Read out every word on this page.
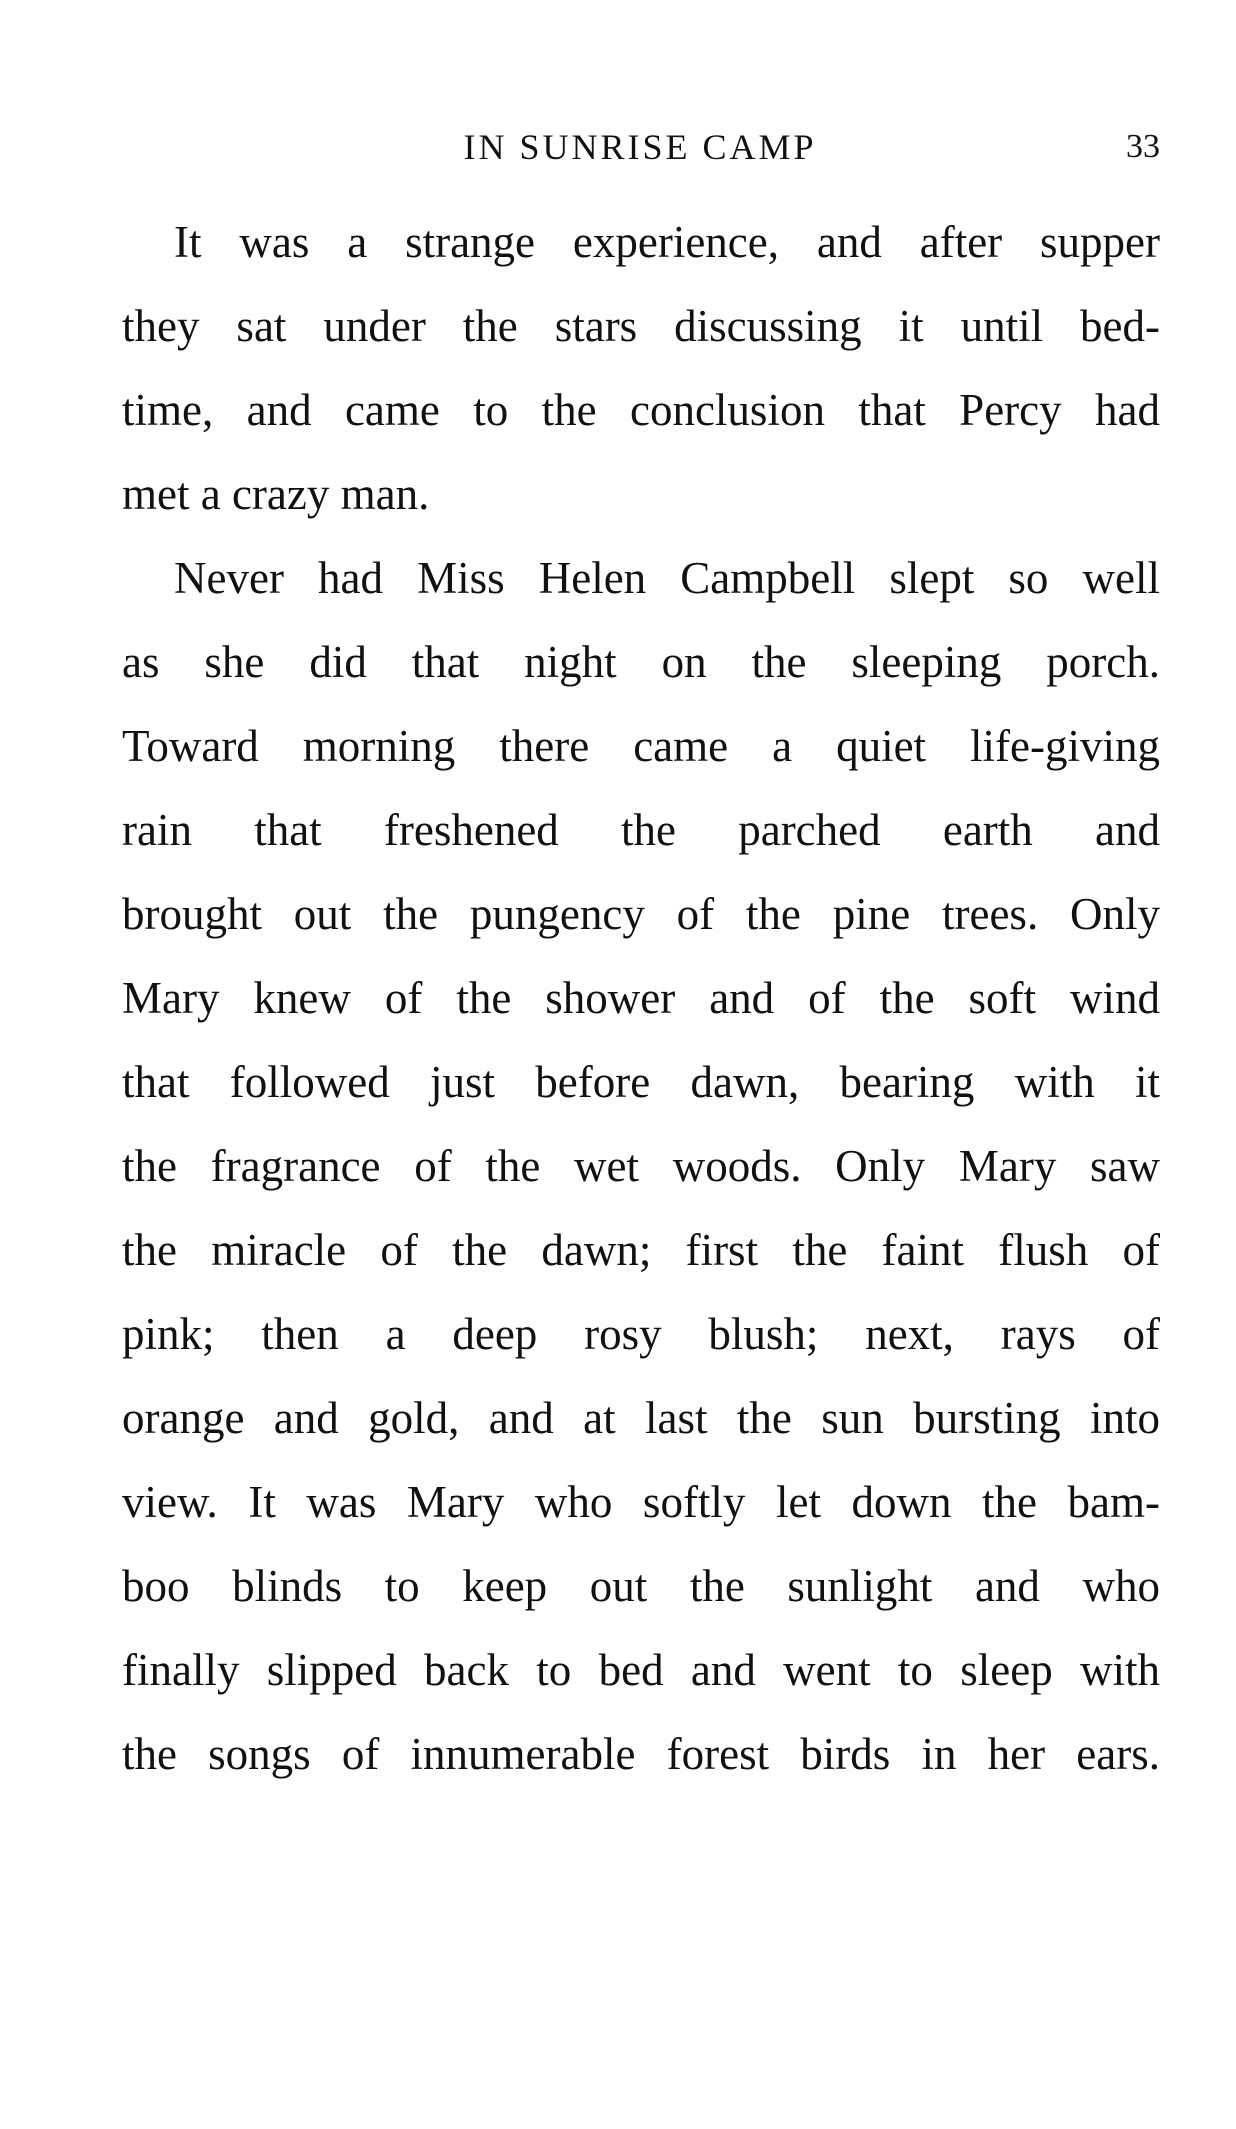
IN SUNRISE CAMP	33
It was a strange experience, and after supper
they sat under the stars discussing it until bed-
time, and came to the conclusion that Percy had
met a crazy man.
Never had Miss Helen Campbell slept so well
as she did that night on the sleeping porch.
Toward morning there came a quiet life-giving
rain that freshened the parched earth and
brought out the pungency of the pine trees. Only
Mary knew of the shower and of the soft wind
that followed just before dawn, bearing with it
the fragrance of the wet woods. Only Mary saw
the miracle of the dawn; first the faint flush of
pink; then a deep rosy blush; next, rays of
orange and gold, and at last the sun bursting into
view. It was Mary who softly let down the bam-
boo blinds to keep out the sunlight and who
finally slipped back to bed and went to sleep with
the songs of innumerable forest birds in her ears.
